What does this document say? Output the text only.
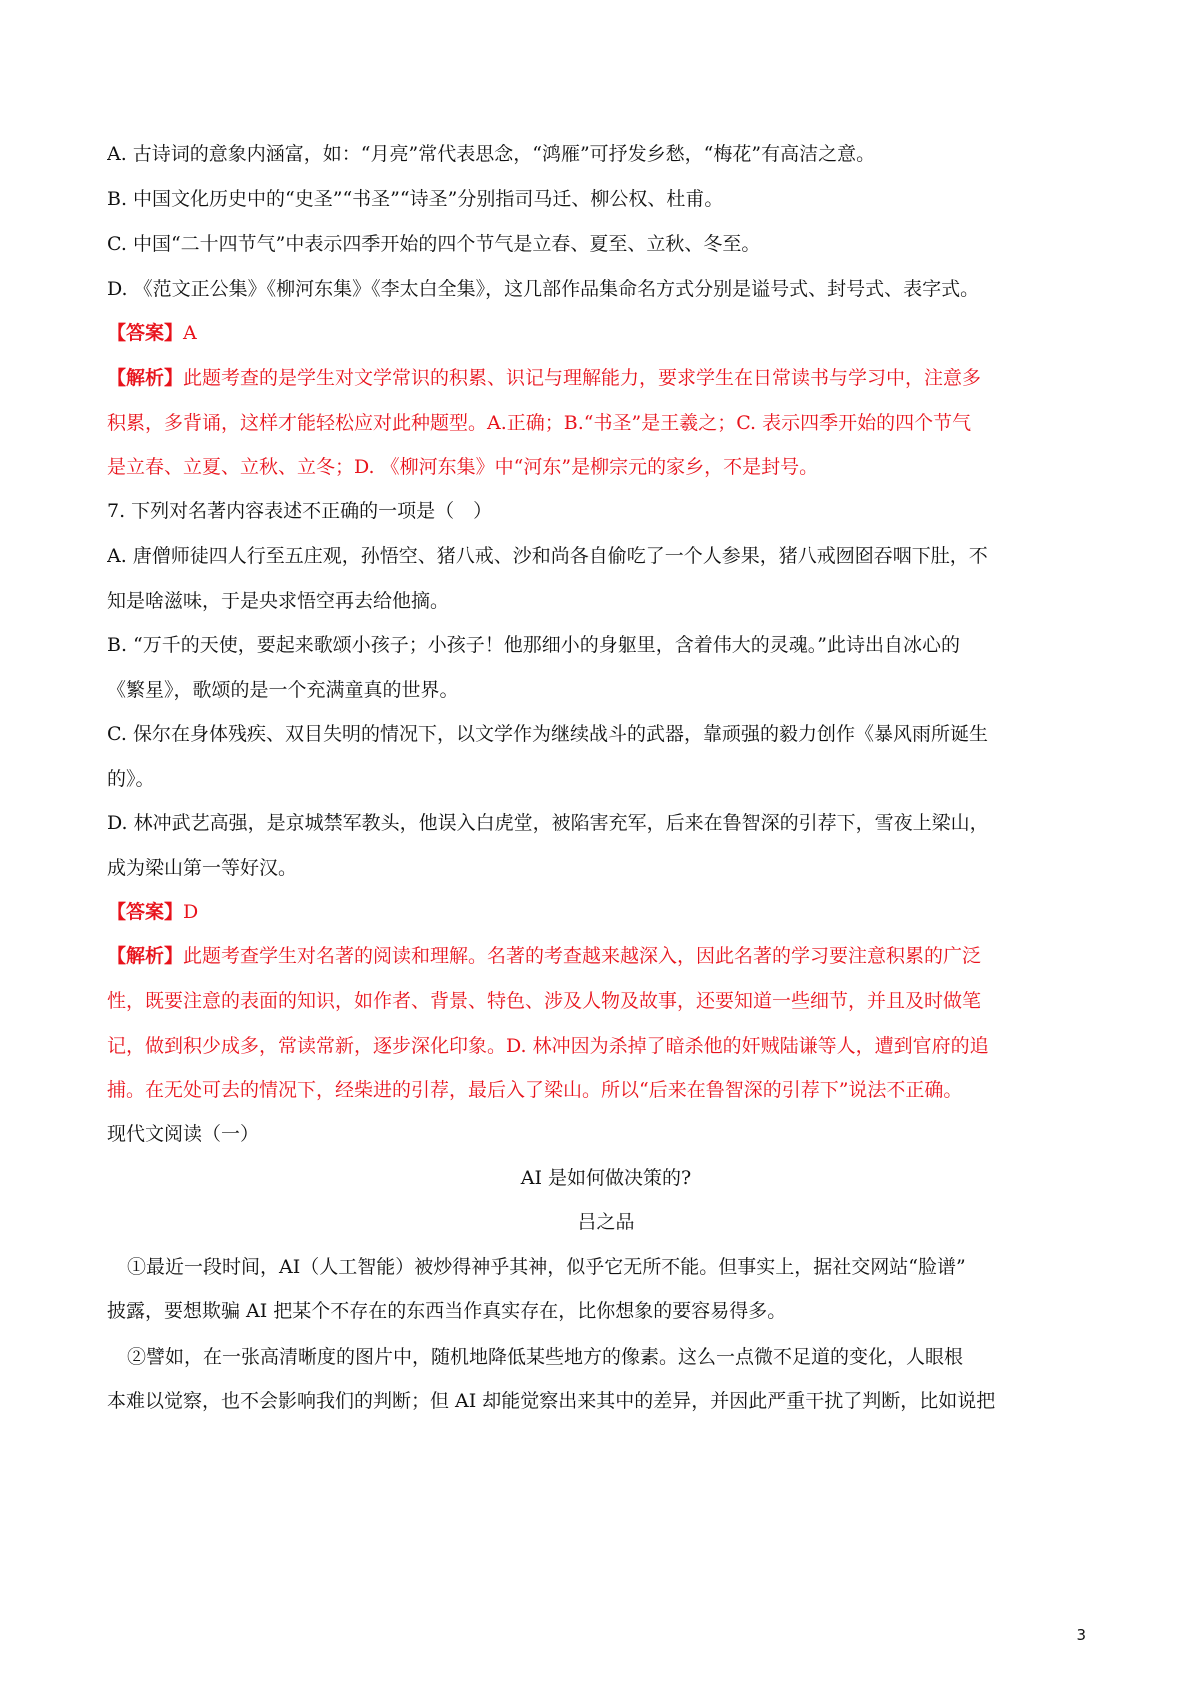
A. 古诗词的意象内涵富，如：“月亮”常代表思念，“鸿雁”可抒发乡愁，“梅花”有高洁之意。
B. 中国文化历史中的“史圣”“书圣”“诗圣”分别指司马迁、柳公权、杜甫。
C. 中国“二十四节气”中表示四季开始的四个节气是立春、夏至、立秋、冬至。
D. 《范文正公集》《柳河东集》《李太白全集》，这几部作品集命名方式分别是谥号式、封号式、表字式。
【答案】A
【解析】此题考查的是学生对文学常识的积累、识记与理解能力，要求学生在日常读书与学习中，注意多
积累，多背诵，这样才能轻松应对此种题型。A.正确；B.“书圣”是王羲之；C. 表示四季开始的四个节气
是立春、立夏、立秋、立冬；D. 《柳河东集》中“河东”是柳宗元的家乡，不是封号。
7. 下列对名著内容表述不正确的一项是（　）
A. 唐僧师徒四人行至五庄观，孙悟空、猪八戒、沙和尚各自偷吃了一个人参果，猪八戒囫囵吞咽下肚，不
知是啥滋味，于是央求悟空再去给他摘。
B. “万千的天使，要起来歌颂小孩子；小孩子！他那细小的身躯里，含着伟大的灵魂。”此诗出自冰心的
《繁星》，歌颂的是一个充满童真的世界。
C. 保尔在身体残疾、双目失明的情况下，以文学作为继续战斗的武器，靠顽强的毅力创作《暴风雨所诞生
的》。
D. 林冲武艺高强，是京城禁军教头，他误入白虎堂，被陷害充军，后来在鲁智深的引荐下，雪夜上梁山，
成为梁山第一等好汉。
【答案】D
【解析】此题考查学生对名著的阅读和理解。名著的考查越来越深入，因此名著的学习要注意积累的广泛
性，既要注意的表面的知识，如作者、背景、特色、涉及人物及故事，还要知道一些细节，并且及时做笔
记，做到积少成多，常读常新，逐步深化印象。D. 林冲因为杀掉了暗杀他的奸贼陆谦等人，遭到官府的追
捕。在无处可去的情况下，经柴进的引荐，最后入了梁山。所以“后来在鲁智深的引荐下”说法不正确。
现代文阅读（一）
AI 是如何做决策的?
吕之品
①最近一段时间，AI（人工智能）被炒得神乎其神，似乎它无所不能。但事实上，据社交网站“脸谱”
披露，要想欺骗 AI 把某个不存在的东西当作真实存在，比你想象的要容易得多。
②譬如，在一张高清晰度的图片中，随机地降低某些地方的像素。这么一点微不足道的变化，人眼根
本难以觉察，也不会影响我们的判断；但 AI 却能觉察出来其中的差异，并因此严重干扰了判断，比如说把
3
